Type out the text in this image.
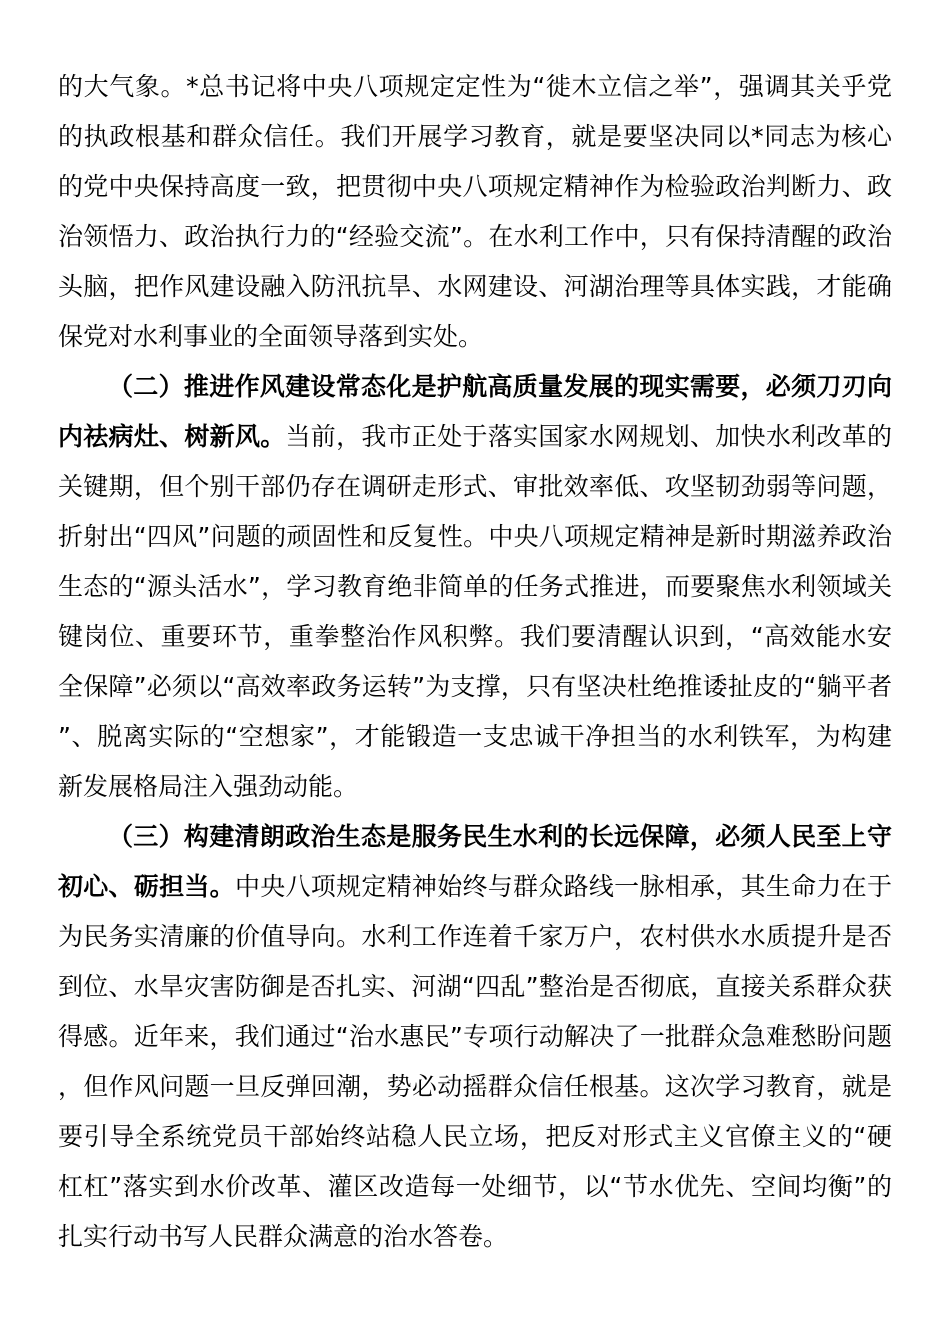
的大气象。*总书记将中央八项规定定性为“徙木立信之举”，强调其关乎党的执政根基和群众信任。我们开展学习教育，就是要坚决同以*同志为核心的党中央保持高度一致，把贯彻中央八项规定精神作为检验政治判断力、政治领悟力、政治执行力的“经验交流”。在水利工作中，只有保持清醒的政治头脑，把作风建设融入防汛抗旱、水网建设、河湖治理等具体实践，才能确保党对水利事业的全面领导落到实处。

（二）推进作风建设常态化是护航高质量发展的现实需要，必须刀刃向内祛病灶、树新风。当前，我市正处于落实国家水网规划、加快水利改革的关键期，但个别干部仍存在调研走形式、审批效率低、攻坚韧劲弱等问题，折射出“四风”问题的顽固性和反复性。中央八项规定精神是新时期滋养政治生态的“源头活水”，学习教育绝非简单的任务式推进，而要聚焦水利领域关键岗位、重要环节，重拳整治作风积弊。我们要清醒认识到，“高效能水安全保障”必须以“高效率政务运转”为支撑，只有坚决杜绝推诿扯皮的“躺平者”、脱离实际的“空想家”，才能锻造一支忠诚干净担当的水利铁军，为构建新发展格局注入强劲动能。

（三）构建清朗政治生态是服务民生水利的长远保障，必须人民至上守初心、砺担当。中央八项规定精神始终与群众路线一脉相承，其生命力在于为民务实清廉的价值导向。水利工作连着千家万户，农村供水水质提升是否到位、水旱灾害防御是否扎实、河湖“四乱”整治是否彻底，直接关系群众获得感。近年来，我们通过“治水惠民”专项行动解决了一批群众急难愁盼问题，但作风问题一旦反弹回潮，势必动摇群众信任根基。这次学习教育，就是要引导全系统党员干部始终站稳人民立场，把反对形式主义官僚主义的“硬杠杠”落实到水价改革、灌区改造每一处细节，以“节水优先、空间均衡”的扎实行动书写人民群众满意的治水答卷。
